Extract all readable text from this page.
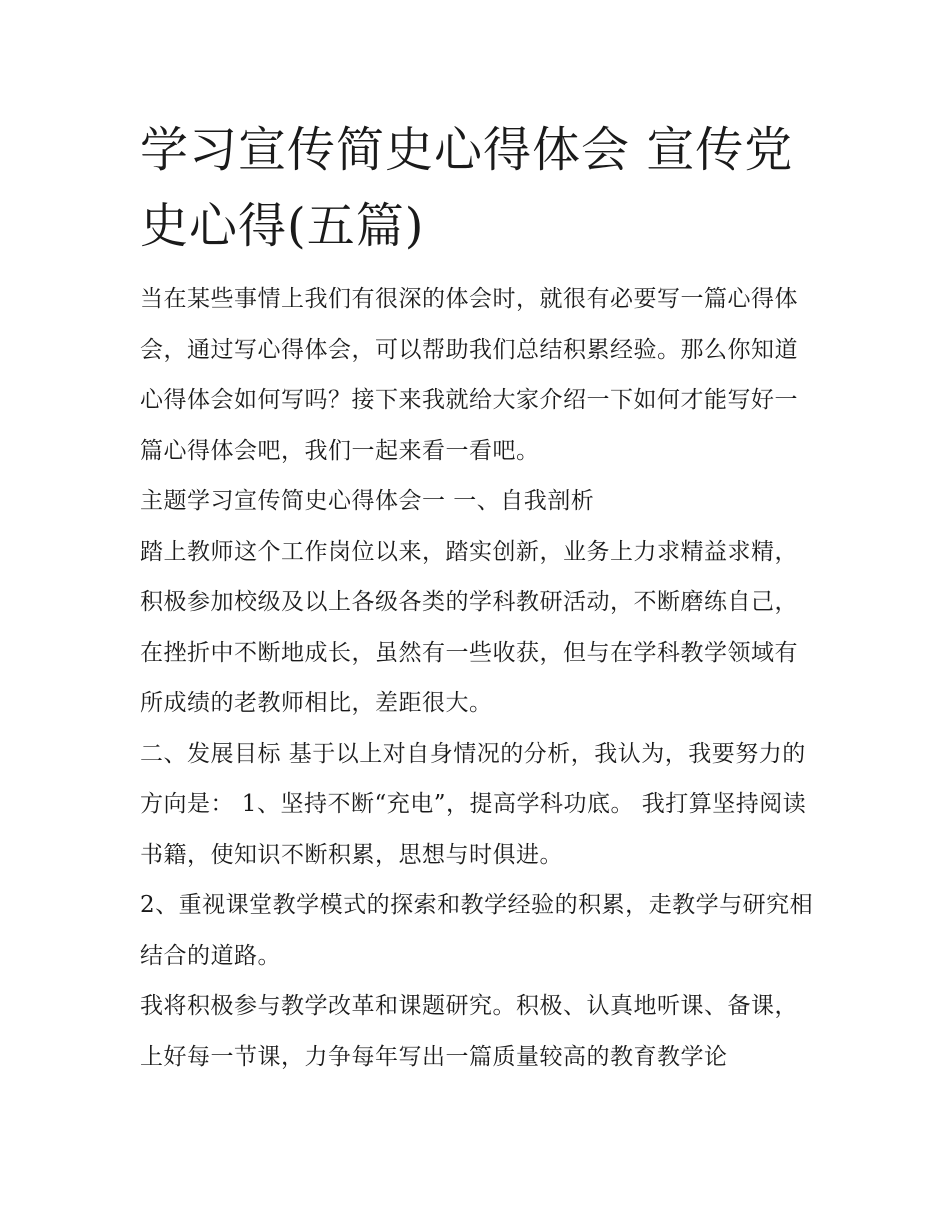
学习宣传简史心得体会 宣传党史心得(五篇)

当在某些事情上我们有很深的体会时，就很有必要写一篇心得体会，通过写心得体会，可以帮助我们总结积累经验。那么你知道心得体会如何写吗？接下来我就给大家介绍一下如何才能写好一篇心得体会吧，我们一起来看一看吧。

主题学习宣传简史心得体会一 一、自我剖析

踏上教师这个工作岗位以来，踏实创新，业务上力求精益求精，积极参加校级及以上各级各类的学科教研活动，不断磨练自己，在挫折中不断地成长，虽然有一些收获，但与在学科教学领域有所成绩的老教师相比，差距很大。

二、发展目标 基于以上对自身情况的分析，我认为，我要努力的方向是： 1、坚持不断“充电”，提高学科功底。 我打算坚持阅读书籍，使知识不断积累，思想与时俱进。

2、重视课堂教学模式的探索和教学经验的积累，走教学与研究相结合的道路。

我将积极参与教学改革和课题研究。积极、认真地听课、备课，上好每一节课，力争每年写出一篇质量较高的教育教学论
